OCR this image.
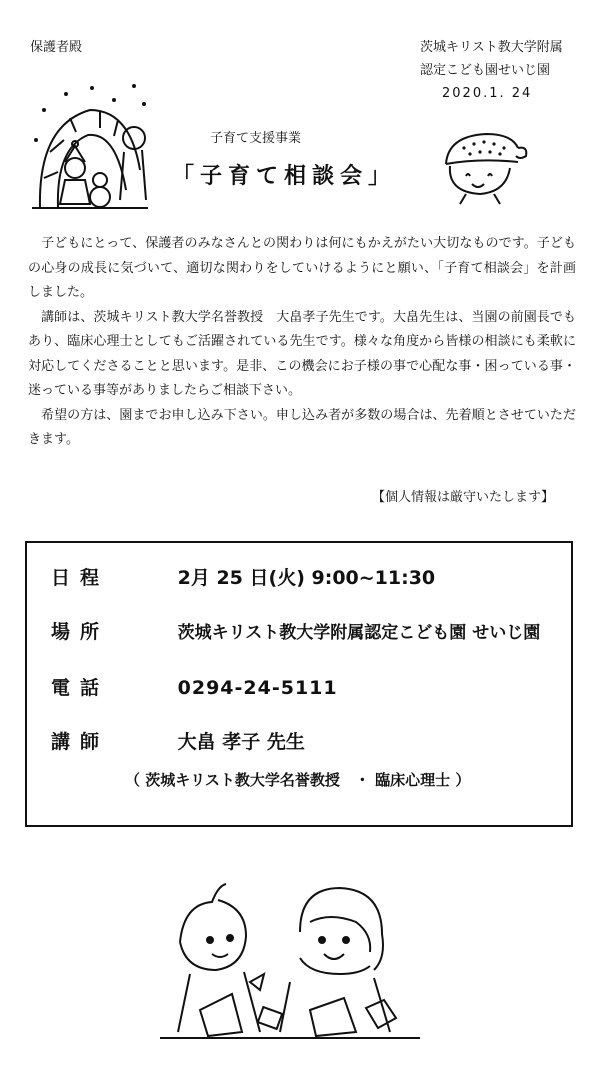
保護者殿	茨城キリスト教大学附属
認定こども園せいじ園
2020.1. 24
子育て支援事業
「子育て相談会」

　子どもにとって、保護者のみなさんとの関わりは何にもかえがたい大切なものです。子どもの心身の成長に気づいて、適切な関わりをしていけるようにと願い、「子育て相談会」を計画しました。

　講師は、茨城キリスト教大学名誉教授　大畠孝子先生です。大畠先生は、当園の前園長でもあり、臨床心理士としてもご活躍されている先生です。様々な角度から皆様の相談にも柔軟に対応してくださることと思います。是非、この機会にお子様の事で心配な事・困っている事・迷っている事等がありましたらご相談下さい。

　希望の方は、園までお申し込み下さい。申し込み者が多数の場合は、先着順とさせていただきます。

【個人情報は厳守いたします】
日程	2月 25 日(火) 9:00~11:30
場所	茨城キリスト教大学附属認定こども園 せいじ園
電話	0294-24-5111
講師	大畠 孝子 先生
（ 茨城キリスト教大学名誉教授　・ 臨床心理士 ）
